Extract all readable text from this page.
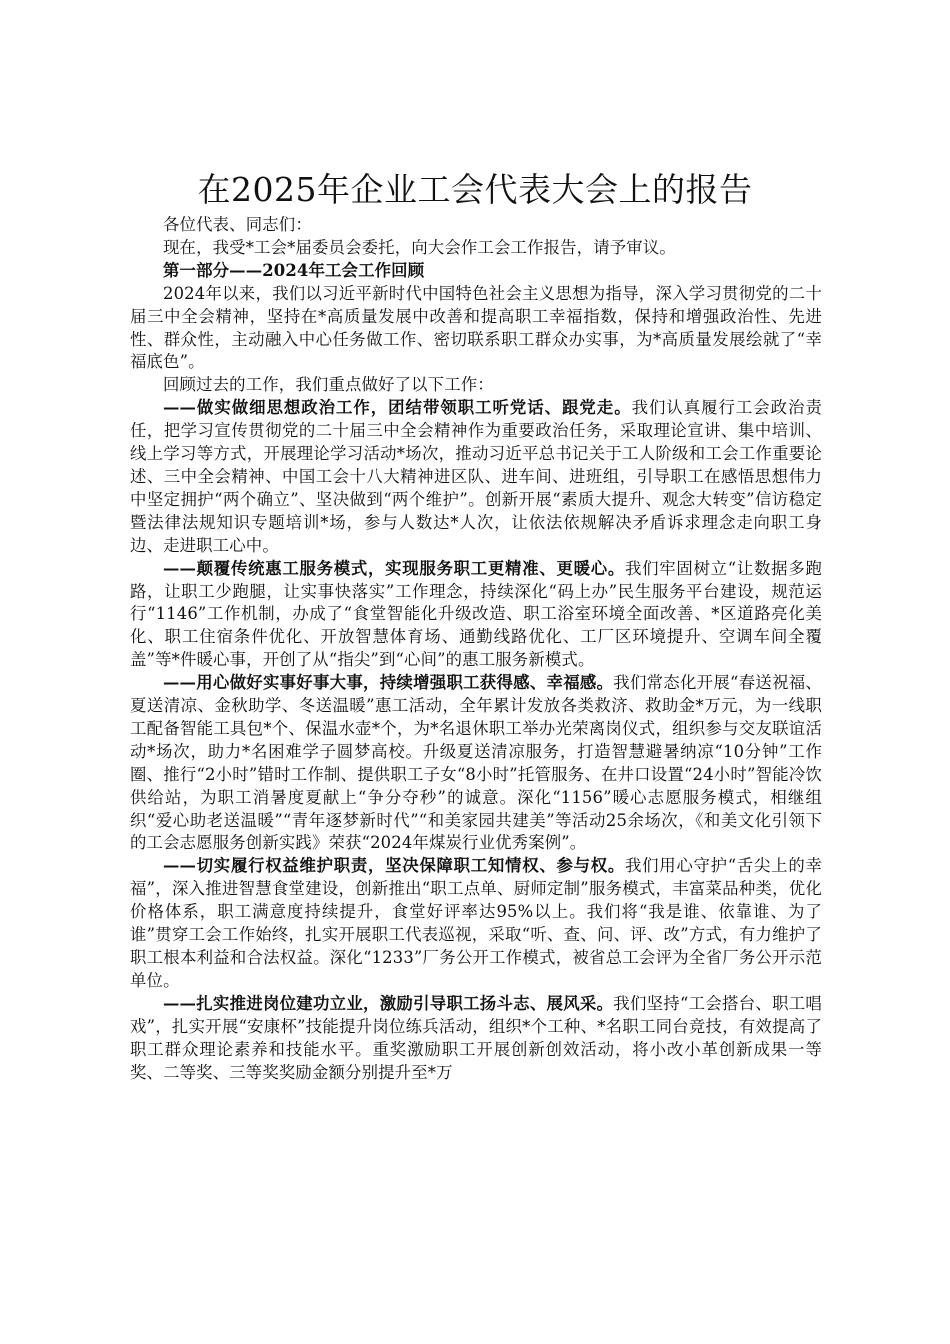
在2025年企业工会代表大会上的报告

各位代表、同志们：

现在，我受*工会*届委员会委托，向大会作工会工作报告，请予审议。

第一部分——2024年工会工作回顾

2024年以来，我们以习近平新时代中国特色社会主义思想为指导，深入学习贯彻党的二十届三中全会精神，坚持在*高质量发展中改善和提高职工幸福指数，保持和增强政治性、先进性、群众性，主动融入中心任务做工作、密切联系职工群众办实事，为*高质量发展绘就了“幸福底色”。

回顾过去的工作，我们重点做好了以下工作：

——做实做细思想政治工作，团结带领职工听党话、跟党走。我们认真履行工会政治责任，把学习宣传贯彻党的二十届三中全会精神作为重要政治任务，采取理论宣讲、集中培训、线上学习等方式，开展理论学习活动*场次，推动习近平总书记关于工人阶级和工会工作重要论述、三中全会精神、中国工会十八大精神进区队、进车间、进班组，引导职工在感悟思想伟力中坚定拥护“两个确立”、坚决做到“两个维护”。创新开展“素质大提升、观念大转变”信访稳定暨法律法规知识专题培训*场，参与人数达*人次，让依法依规解决矛盾诉求理念走向职工身边、走进职工心中。

——颠覆传统惠工服务模式，实现服务职工更精准、更暖心。我们牢固树立“让数据多跑路，让职工少跑腿，让实事快落实”工作理念，持续深化“码上办”民生服务平台建设，规范运行“1146”工作机制，办成了“食堂智能化升级改造、职工浴室环境全面改善、*区道路亮化美化、职工住宿条件优化、开放智慧体育场、通勤线路优化、工厂区环境提升、空调车间全覆盖”等*件暖心事，开创了从“指尖”到“心间”的惠工服务新模式。

——用心做好实事好事大事，持续增强职工获得感、幸福感。我们常态化开展“春送祝福、夏送清凉、金秋助学、冬送温暖”惠工活动，全年累计发放各类救济、救助金*万元，为一线职工配备智能工具包*个、保温水壶*个，为*名退休职工举办光荣离岗仪式，组织参与交友联谊活动*场次，助力*名困难学子圆梦高校。升级夏送清凉服务，打造智慧避暑纳凉“10分钟”工作圈、推行“2小时”错时工作制、提供职工子女“8小时”托管服务、在井口设置“24小时”智能冷饮供给站，为职工消暑度夏献上“争分夺秒”的诚意。深化“1156”暖心志愿服务模式，相继组织“爱心助老送温暖”“青年逐梦新时代”“和美家园共建美”等活动25余场次，《和美文化引领下的工会志愿服务创新实践》荣获“2024年煤炭行业优秀案例”。

——切实履行权益维护职责，坚决保障职工知情权、参与权。我们用心守护“舌尖上的幸福”，深入推进智慧食堂建设，创新推出“职工点单、厨师定制”服务模式，丰富菜品种类，优化价格体系，职工满意度持续提升，食堂好评率达95%以上。我们将“我是谁、依靠谁、为了谁”贯穿工会工作始终，扎实开展职工代表巡视，采取“听、查、问、评、改”方式，有力维护了职工根本利益和合法权益。深化“1233”厂务公开工作模式，被省总工会评为全省厂务公开示范单位。

——扎实推进岗位建功立业，激励引导职工扬斗志、展风采。我们坚持“工会搭台、职工唱戏”，扎实开展“安康杯”技能提升岗位练兵活动，组织*个工种、*名职工同台竞技，有效提高了职工群众理论素养和技能水平。重奖激励职工开展创新创效活动，将小改小革创新成果一等奖、二等奖、三等奖奖励金额分别提升至*万
